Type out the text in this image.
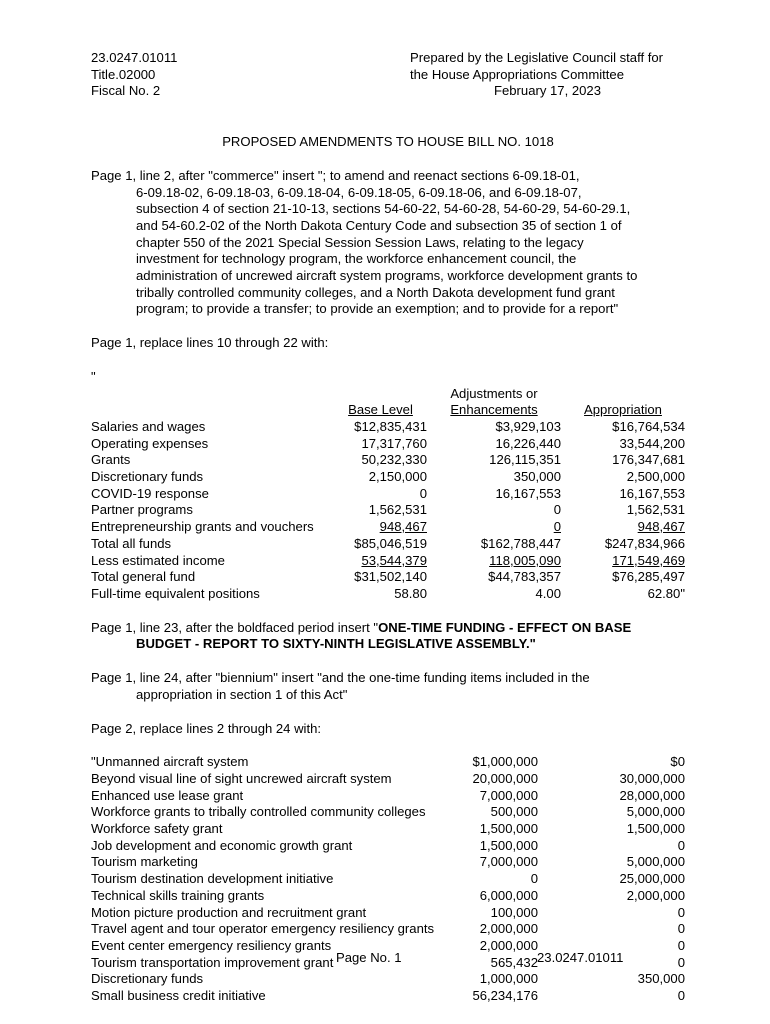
23.0247.01011
Title.02000
Fiscal No. 2
Prepared by the Legislative Council staff for
the House Appropriations Committee
February 17, 2023
PROPOSED AMENDMENTS TO HOUSE BILL NO. 1018
Page 1, line 2, after "commerce" insert "; to amend and reenact sections 6-09.18-01,
6-09.18-02, 6-09.18-03, 6-09.18-04, 6-09.18-05, 6-09.18-06, and 6-09.18-07,
subsection 4 of section 21-10-13, sections 54-60-22, 54-60-28, 54-60-29, 54-60-29.1,
and 54-60.2-02 of the North Dakota Century Code and subsection 35 of section 1 of
chapter 550 of the 2021 Special Session Session Laws, relating to the legacy
investment for technology program, the workforce enhancement council, the
administration of uncrewed aircraft system programs, workforce development grants to
tribally controlled community colleges, and a North Dakota development fund grant
program; to provide a transfer; to provide an exemption; and to provide for a report"
Page 1, replace lines 10 through 22 with:
"
		Adjustments or	
	Base Level	Enhancements	Appropriation
Salaries and wages	$12,835,431	$3,929,103	$16,764,534
Operating expenses	17,317,760	16,226,440	33,544,200
Grants	50,232,330	126,115,351	176,347,681
Discretionary funds	2,150,000	350,000	2,500,000
COVID-19 response	0	16,167,553	16,167,553
Partner programs	1,562,531	0	1,562,531
Entrepreneurship grants and vouchers	948,467	0	948,467
Total all funds	$85,046,519	$162,788,447	$247,834,966
Less estimated income	53,544,379	118,005,090	171,549,469
Total general fund	$31,502,140	$44,783,357	$76,285,497
Full-time equivalent positions	58.80	4.00	62.80"
Page 1, line 23, after the boldfaced period insert "ONE-TIME FUNDING - EFFECT ON BASE
BUDGET - REPORT TO SIXTY-NINTH LEGISLATIVE ASSEMBLY."
Page 1, line 24, after "biennium" insert "and the one-time funding items included in the
appropriation in section 1 of this Act"
Page 2, replace lines 2 through 24 with:
"Unmanned aircraft system	$1,000,000	$0
Beyond visual line of sight uncrewed aircraft system	20,000,000	30,000,000
Enhanced use lease grant	7,000,000	28,000,000
Workforce grants to tribally controlled community colleges	500,000	5,000,000
Workforce safety grant	1,500,000	1,500,000
Job development and economic growth grant	1,500,000	0
Tourism marketing	7,000,000	5,000,000
Tourism destination development initiative	0	25,000,000
Technical skills training grants	6,000,000	2,000,000
Motion picture production and recruitment grant	100,000	0
Travel agent and tour operator emergency resiliency grants	2,000,000	0
Event center emergency resiliency grants	2,000,000	0
Tourism transportation improvement grant	565,432	0
Discretionary funds	1,000,000	350,000
Small business credit initiative	56,234,176	0
Page No. 1	23.0247.01011
